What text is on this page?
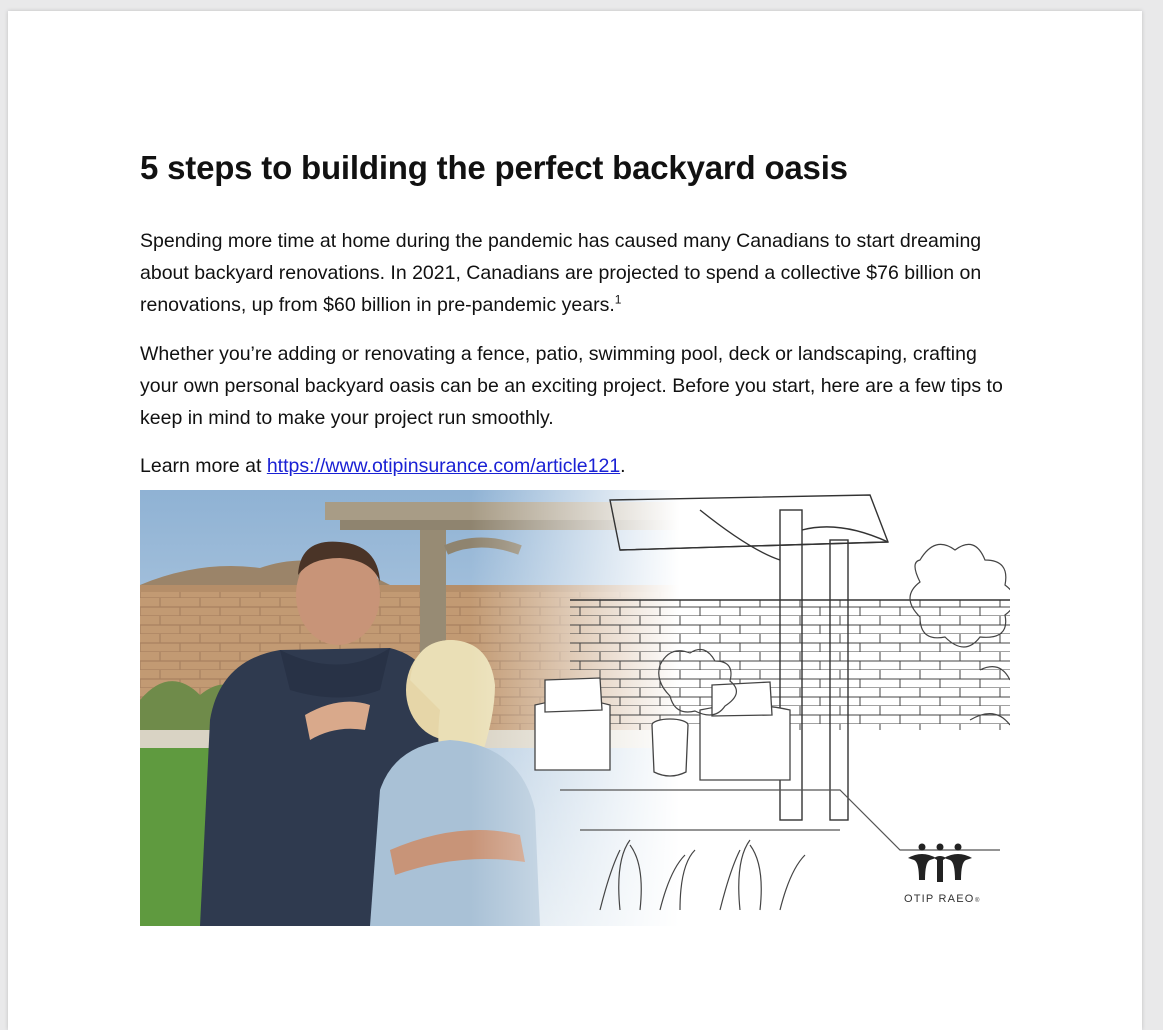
5 steps to building the perfect backyard oasis

Spending more time at home during the pandemic has caused many Canadians to start dreaming about backyard renovations. In 2021, Canadians are projected to spend a collective $76 billion on renovations, up from $60 billion in pre-pandemic years.$^1$

Whether you’re adding or renovating a fence, patio, swimming pool, deck or landscaping, crafting your own personal backyard oasis can be an exciting project. Before you start, here are a few tips to keep in mind to make your project run smoothly.

Learn more at https://www.otipinsurance.com/article121.

OTIP RAEO ®
